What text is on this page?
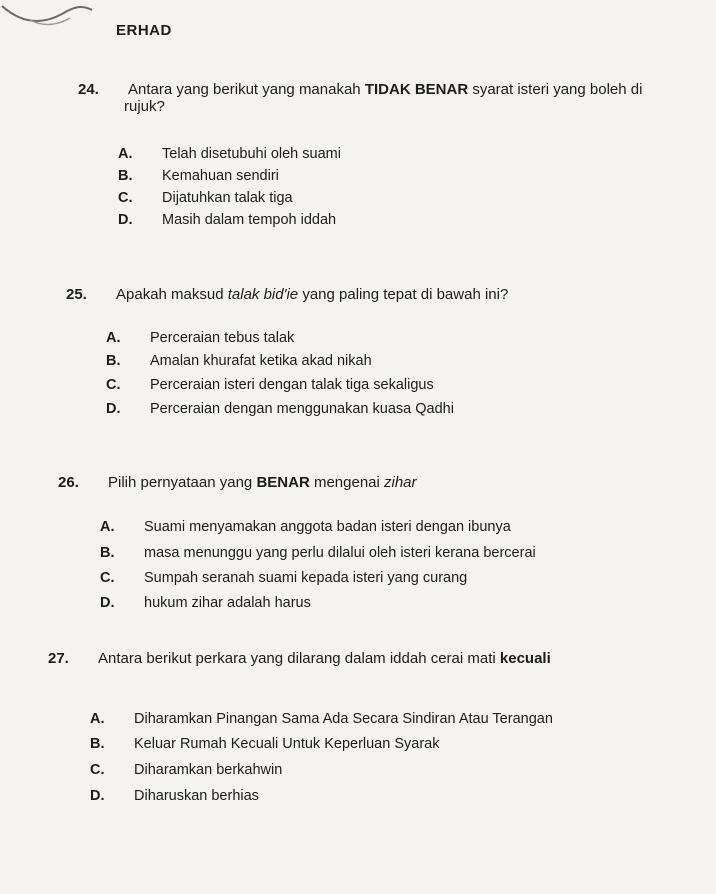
ERHAD
24. Antara yang berikut yang manakah TIDAK BENAR syarat isteri yang boleh di
rujuk?
A. Telah disetubuhi oleh suami
B. Kemahuan sendiri
C. Dijatuhkan talak tiga
D. Masih dalam tempoh iddah
25. Apakah maksud talak bid'ie yang paling tepat di bawah ini?
A. Perceraian tebus talak
B. Amalan khurafat ketika akad nikah
C. Perceraian isteri dengan talak tiga sekaligus
D. Perceraian dengan menggunakan kuasa Qadhi
26. Pilih pernyataan yang BENAR mengenai zihar
A. Suami menyamakan anggota badan isteri dengan ibunya
B. masa menunggu yang perlu dilalui oleh isteri kerana bercerai
C. Sumpah seranah suami kepada isteri yang curang
D. hukum zihar adalah harus
27. Antara berikut perkara yang dilarang dalam iddah cerai mati kecuali
A. Diharamkan Pinangan Sama Ada Secara Sindiran Atau Terangan
B. Keluar Rumah Kecuali Untuk Keperluan Syarak
C. Diharamkan berkahwin
D. Diharuskan berhias
